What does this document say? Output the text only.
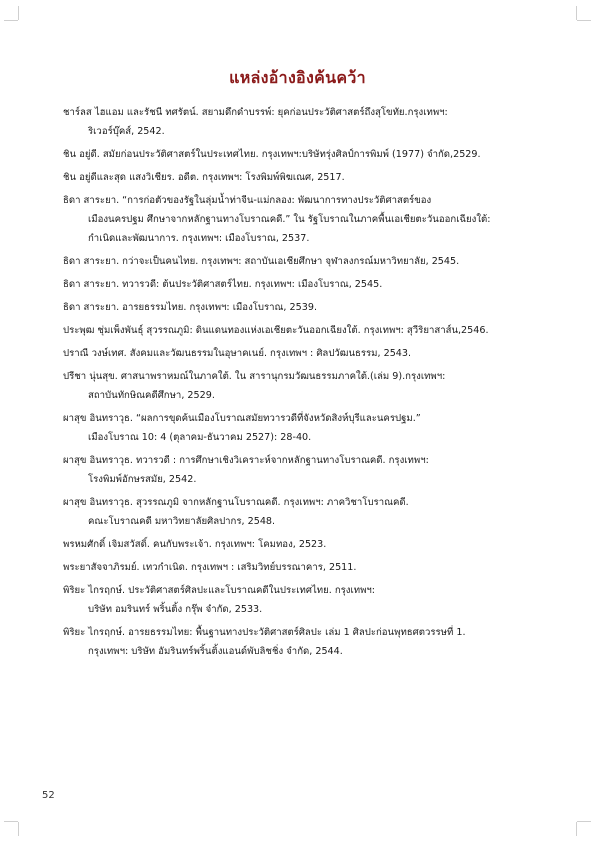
แหล่งอ้างอิงค้นคว้า
ชาร์ลส ไฮแอม และรัชนี ทศรัตน์. สยามดึกดำบรรพ์: ยุคก่อนประวัติศาสตร์ถึงสุโขทัย.กรุงเทพฯ:
ริเวอร์บุ๊คส์, 2542.
ชิน อยู่ดี. สมัยก่อนประวัติศาสตร์ในประเทศไทย. กรุงเทพฯ:บริษัทรุ่งศิลป์การพิมพ์ (1977) จำกัด,2529.
ชิน อยู่ดีและสุด แสงวิเชียร. อดีต. กรุงเทพฯ: โรงพิมพ์พิฆเณศ, 2517.
ธิดา สาระยา. “การก่อตัวของรัฐในลุ่มน้ำท่าจีน-แม่กลอง: พัฒนาการทางประวัติศาสตร์ของ
เมืองนครปฐม ศึกษาจากหลักฐานทางโบราณคดี.” ใน รัฐโบราณในภาคพื้นเอเชียตะวันออกเฉียงใต้:
กำเนิดและพัฒนาการ. กรุงเทพฯ: เมืองโบราณ, 2537.
ธิดา สาระยา. กว่าจะเป็นคนไทย. กรุงเทพฯ: สถาบันเอเชียศึกษา จุฬาลงกรณ์มหาวิทยาลัย, 2545.
ธิดา สาระยา. ทวารวดี: ต้นประวัติศาสตร์ไทย. กรุงเทพฯ: เมืองโบราณ, 2545.
ธิดา สาระยา. อารยธรรมไทย. กรุงเทพฯ: เมืองโบราณ, 2539.
ประพุฒ ชุ่มเพ็งพันธุ์ สุวรรณภูมิ: ดินแดนทองแห่งเอเชียตะวันออกเฉียงใต้. กรุงเทพฯ: สุวีริยาสาส์น,2546.
ปราณี วงษ์เทศ. สังคมและวัฒนธรรมในอุษาคเนย์. กรุงเทพฯ : ศิลปวัฒนธรรม, 2543.
ปรีชา นุ่นสุข. ศาสนาพราหมณ์ในภาคใต้. ใน สารานุกรมวัฒนธรรมภาคใต้.(เล่ม 9).กรุงเทพฯ:
สถาบันทักษิณคดีศึกษา, 2529.
ผาสุข อินทราวุธ. “ผลการขุดค้นเมืองโบราณสมัยทวารวดีที่จังหวัดสิงห์บุรีและนครปฐม.”
เมืองโบราณ 10: 4 (ตุลาคม-ธันวาคม 2527): 28-40.
ผาสุข อินทราวุธ. ทวารวดี : การศึกษาเชิงวิเคราะห์จากหลักฐานทางโบราณคดี. กรุงเทพฯ:
โรงพิมพ์อักษรสมัย, 2542.
ผาสุข อินทราวุธ. สุวรรณภูมิ จากหลักฐานโบราณคดี. กรุงเทพฯ: ภาควิชาโบราณคดี.
คณะโบราณคดี มหาวิทยาลัยศิลปากร, 2548.
พรหมศักดิ์ เจิมสวัสดิ์. คนกับพระเจ้า. กรุงเทพฯ: โคมทอง, 2523.
พระยาสัจจาภิรมย์. เทวกำเนิด. กรุงเทพฯ : เสริมวิทย์บรรณาคาร, 2511.
พิริยะ ไกรฤกษ์. ประวัติศาสตร์ศิลปะและโบราณคดีในประเทศไทย. กรุงเทพฯ:
บริษัท อมรินทร์ พริ้นติ้ง กรุ๊พ จำกัด, 2533.
พิริยะ ไกรฤกษ์. อารยธรรมไทย: พื้นฐานทางประวัติศาสตร์ศิลปะ เล่ม 1 ศิลปะก่อนพุทธศตวรรษที่ 1.
กรุงเทพฯ: บริษัท อัมรินทร์พริ้นติ้งแอนด์พับลิชชิ่ง จำกัด, 2544.
52
